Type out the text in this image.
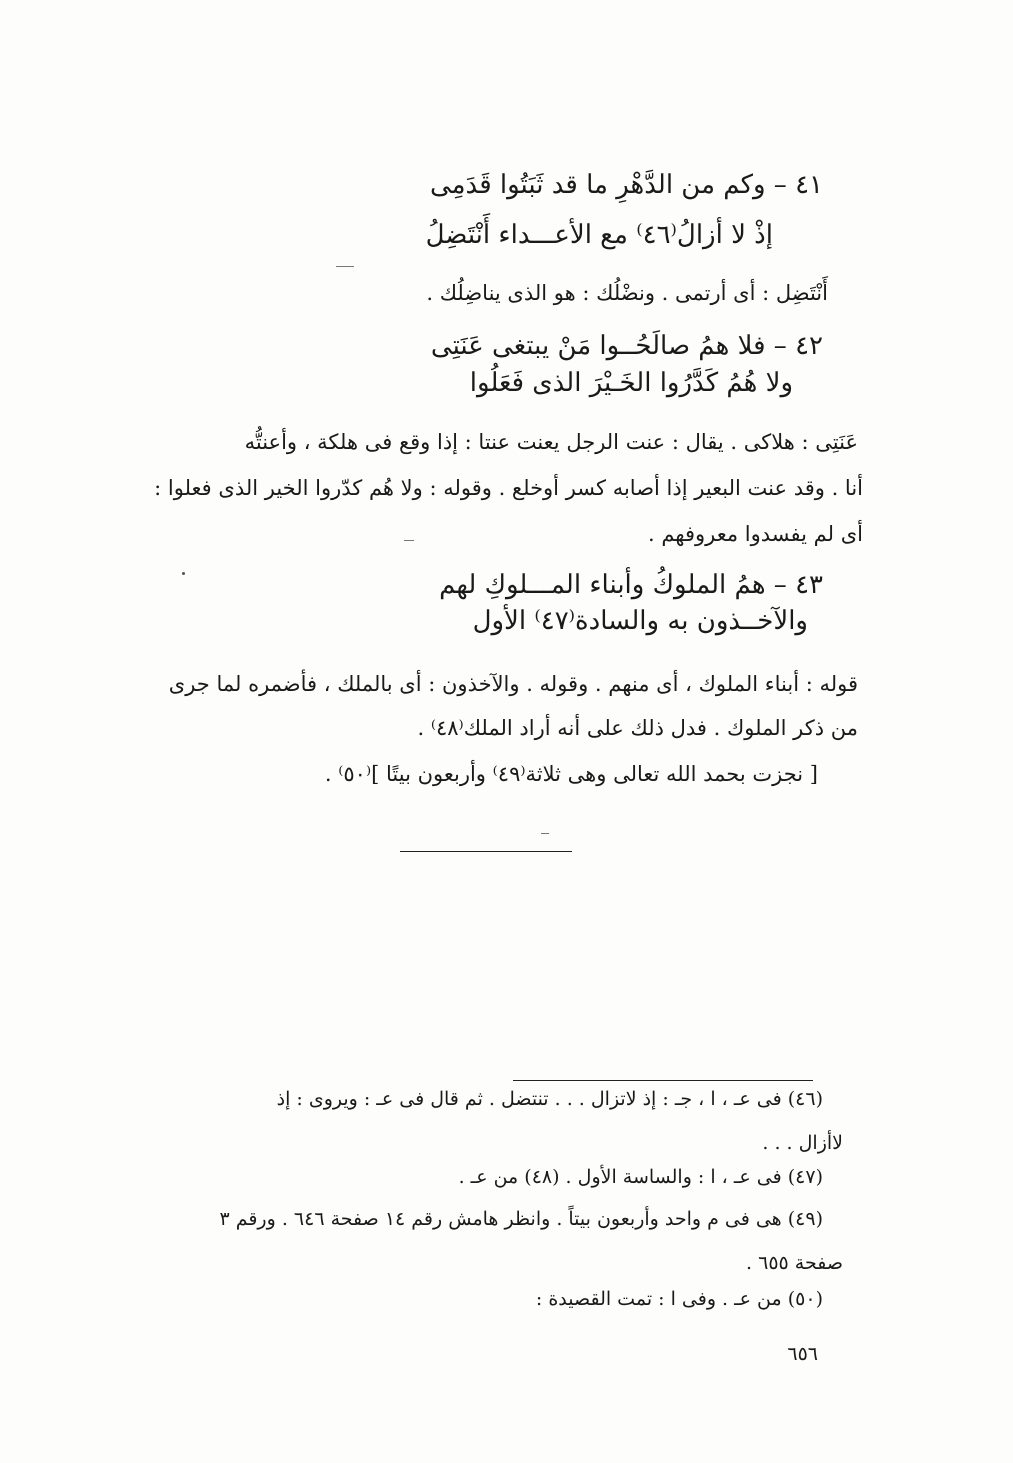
٤١ – وكم من الدَّهْرِ ما قد ثَبَتُوا قَدَمِى
إذْ لا أزالُ⁽٤٦⁾ مع الأعـــداء أَنْتَضِلُ
أَنْتَضِل : أى أرتمى . ونضْلُك : هو الذى يناضِلُك .
٤٢ – فلا همُ صالَحُــوا مَنْ يبتغى عَنَتِى
ولا هُمُ كَدَّرُوا الخَـيْرَ الذى فَعَلُوا
عَنَتِى : هلاكى . يقال : عنت الرجل يعنت عنتا : إذا وقع فى هلكة ، وأعنتُّه
أنا . وقد عنت البعير إذا أصابه كسر أوخلع . وقوله : ولا هُم كدّروا الخير الذى فعلوا :
أى لم يفسدوا معروفهم .
٤٣ – همُ الملوكُ وأبناء المـــلوكِ لهم
والآخــذون به والسادة⁽٤٧⁾ الأول
قوله : أبناء الملوك ، أى منهم . وقوله . والآخذون : أى بالملك ، فأضمره لما جرى
من ذكر الملوك . فدل ذلك على أنه أراد الملك⁽٤٨⁾ .
[ نجزت بحمد الله تعالى وهى ثلاثة⁽٤٩⁾ وأربعون بيتًا ]⁽٥٠⁾ .
(٤٦) فى عـ ، ا ، جـ : إذ لاتزال . . . تنتضل . ثم قال فى عـ : ويروى : إذ
لاأزال . . .
(٤٧) فى عـ ، ا : والساسة الأول . (٤٨) من عـ .
(٤٩) هى فى م واحد وأربعون بيتاً . وانظر هامش رقم ١٤ صفحة ٦٤٦ . ورقم ٣
صفحة ٦٥٥ .
(٥٠) من عـ . وفى ا : تمت القصيدة :
٦٥٦
